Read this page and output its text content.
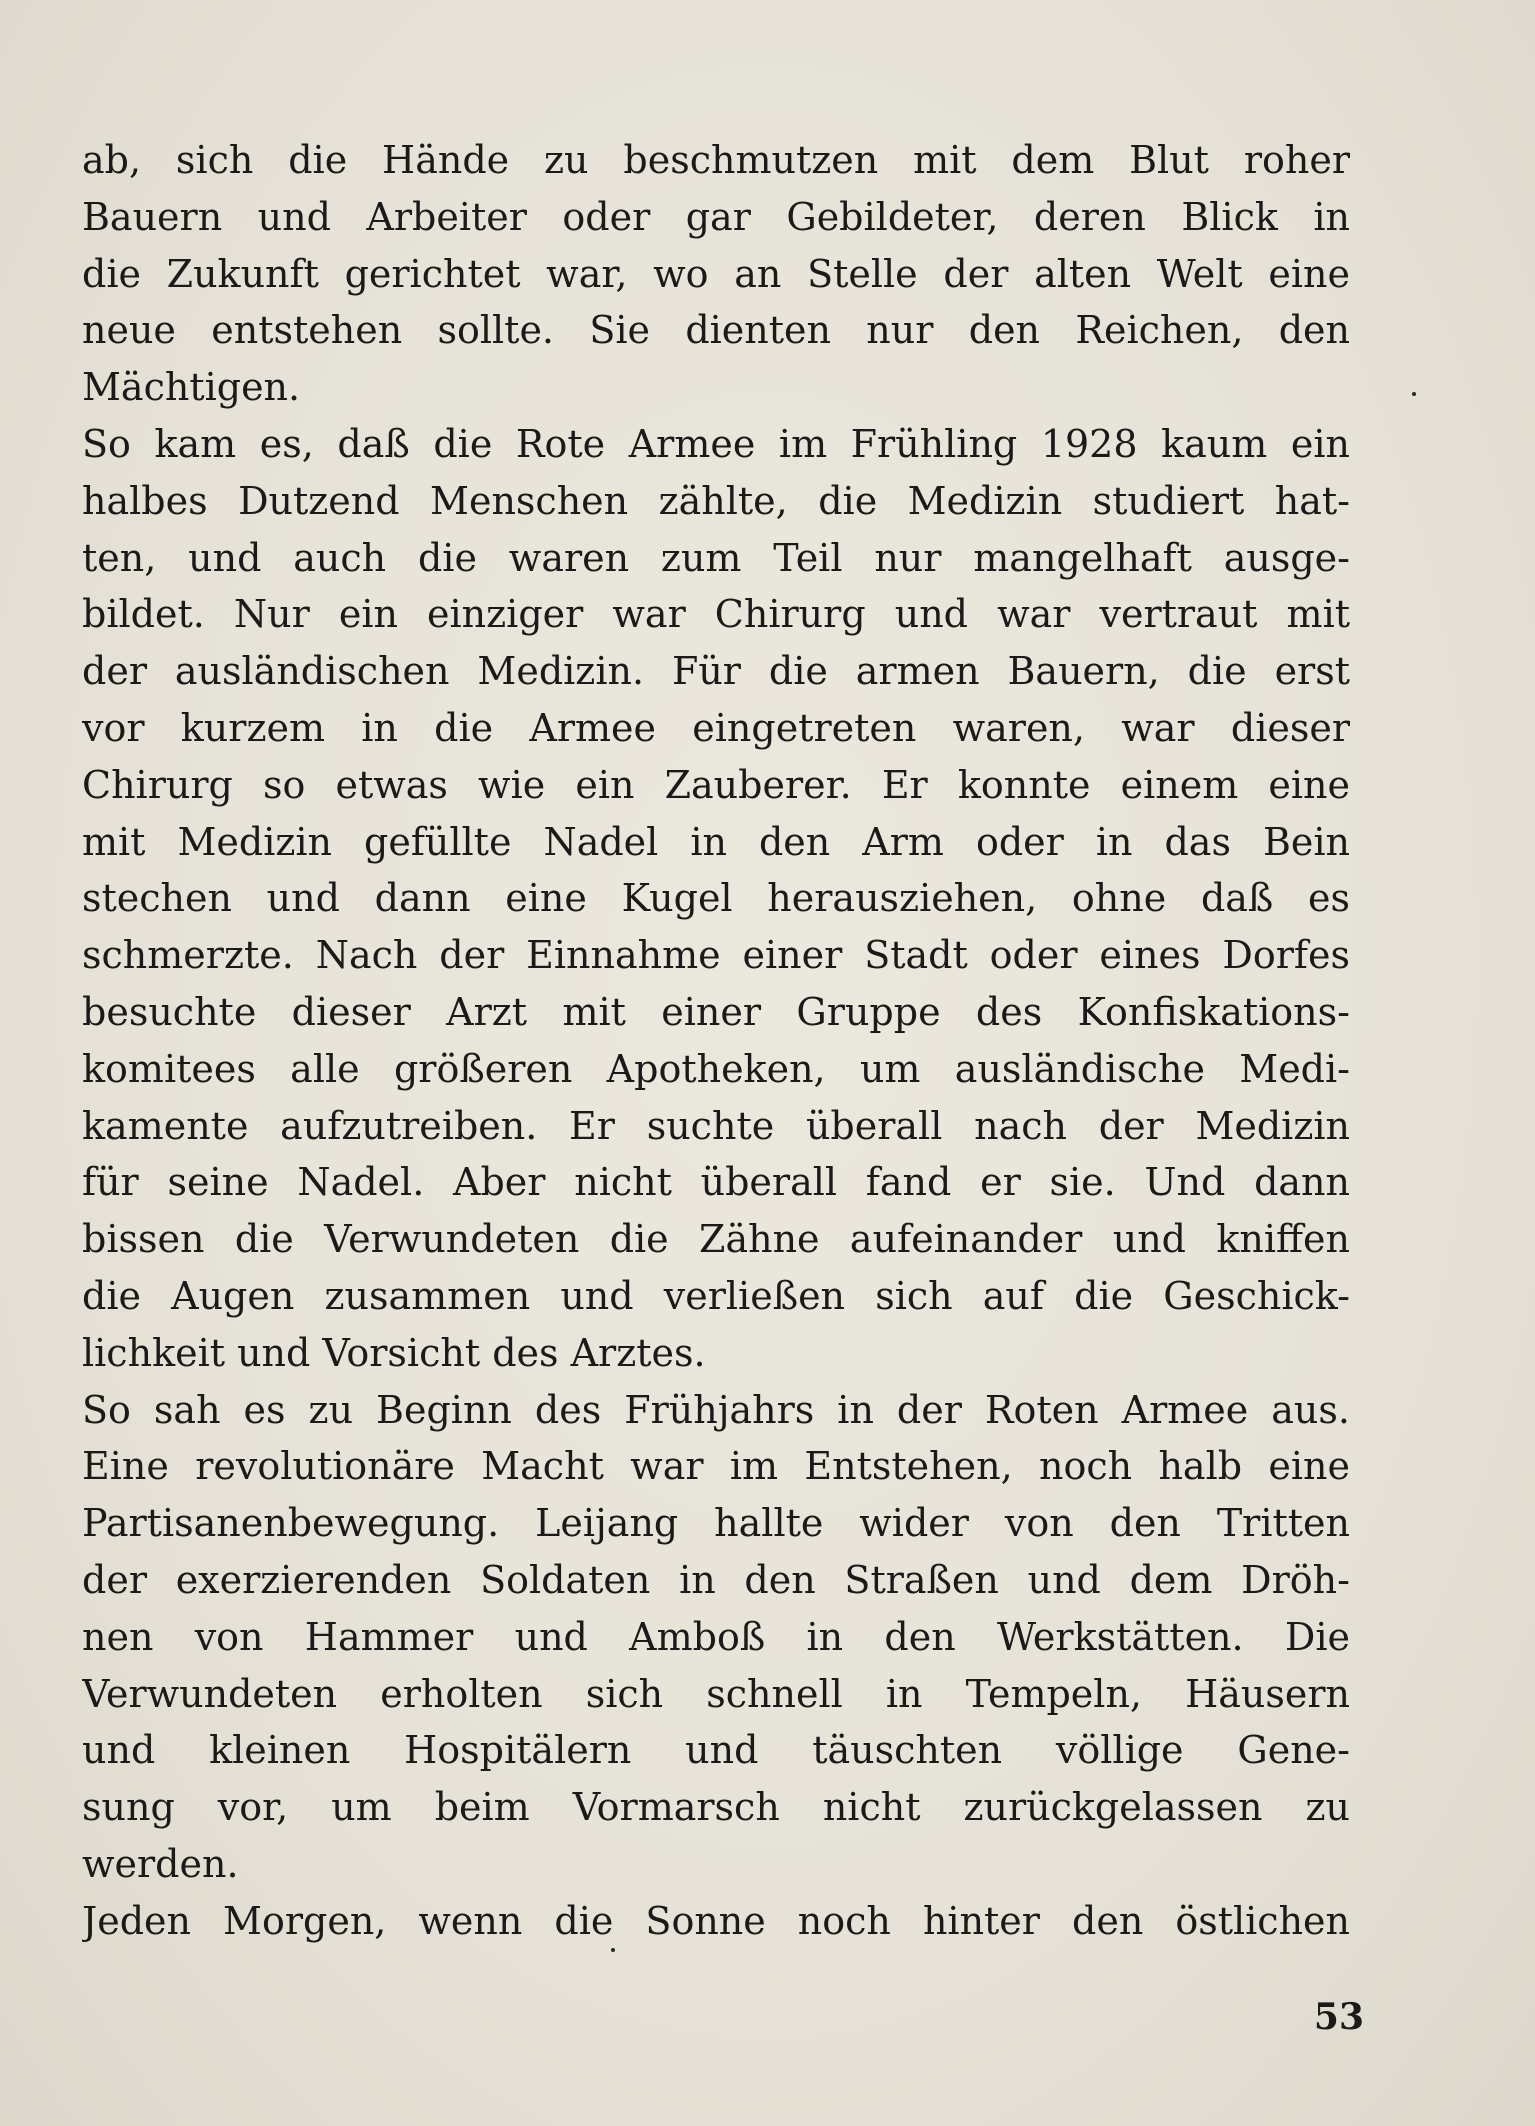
ab, sich die Hände zu beschmutzen mit dem Blut roher
Bauern und Arbeiter oder gar Gebildeter, deren Blick in
die Zukunft gerichtet war, wo an Stelle der alten Welt eine
neue entstehen sollte. Sie dienten nur den Reichen, den
Mächtigen.
So kam es, daß die Rote Armee im Frühling 1928 kaum ein
halbes Dutzend Menschen zählte, die Medizin studiert hat-
ten, und auch die waren zum Teil nur mangelhaft ausge-
bildet. Nur ein einziger war Chirurg und war vertraut mit
der ausländischen Medizin. Für die armen Bauern, die erst
vor kurzem in die Armee eingetreten waren, war dieser
Chirurg so etwas wie ein Zauberer. Er konnte einem eine
mit Medizin gefüllte Nadel in den Arm oder in das Bein
stechen und dann eine Kugel herausziehen, ohne daß es
schmerzte. Nach der Einnahme einer Stadt oder eines Dorfes
besuchte dieser Arzt mit einer Gruppe des Konfiskations-
komitees alle größeren Apotheken, um ausländische Medi-
kamente aufzutreiben. Er suchte überall nach der Medizin
für seine Nadel. Aber nicht überall fand er sie. Und dann
bissen die Verwundeten die Zähne aufeinander und kniffen
die Augen zusammen und verließen sich auf die Geschick-
lichkeit und Vorsicht des Arztes.
So sah es zu Beginn des Frühjahrs in der Roten Armee aus.
Eine revolutionäre Macht war im Entstehen, noch halb eine
Partisanenbewegung. Leijang hallte wider von den Tritten
der exerzierenden Soldaten in den Straßen und dem Dröh-
nen von Hammer und Amboß in den Werkstätten. Die
Verwundeten erholten sich schnell in Tempeln, Häusern
und kleinen Hospitälern und täuschten völlige Gene-
sung vor, um beim Vormarsch nicht zurückgelassen zu
werden.
Jeden Morgen, wenn die Sonne noch hinter den östlichen
53
